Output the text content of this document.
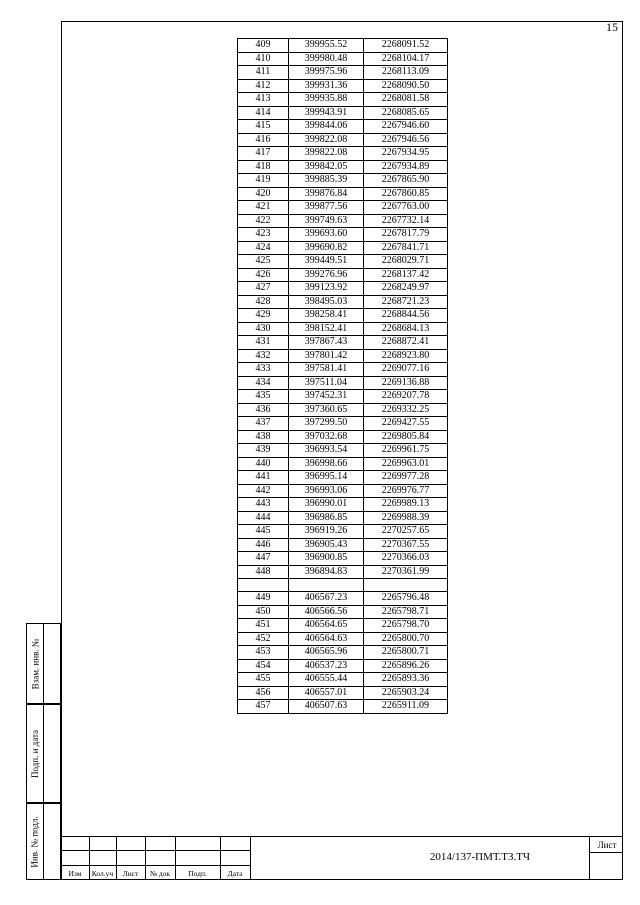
15
409	399955.52	2268091.52
410	399980.48	2268104.17
411	399975.96	2268113.09
412	399931.36	2268090.50
413	399935.88	2268081.58
414	399943.91	2268085.65
415	399844.06	2267946.60
416	399822.08	2267946.56
417	399822.08	2267934.95
418	399842.05	2267934.89
419	399885.39	2267865.90
420	399876.84	2267860.85
421	399877.56	2267763.00
422	399749.63	2267732.14
423	399693.60	2267817.79
424	399690.82	2267841.71
425	399449.51	2268029.71
426	399276.96	2268137.42
427	399123.92	2268249.97
428	398495.03	2268721.23
429	398258.41	2268844.56
430	398152.41	2268684.13
431	397867.43	2268872.41
432	397801.42	2268923.80
433	397581.41	2269077.16
434	397511.04	2269136.88
435	397452.31	2269207.78
436	397360.65	2269332.25
437	397299.50	2269427.55
438	397032.68	2269805.84
439	396993.54	2269961.75
440	396998.66	2269963.01
441	396995.14	2269977.28
442	396993.06	2269976.77
443	396990.01	2269989.13
444	396986.85	2269988.39
445	396919.26	2270257.65
446	396905.43	2270367.55
447	396900.85	2270366.03
448	396894.83	2270361.99

449	406567.23	2265796.48
450	406566.56	2265798.71
451	406564.65	2265798.70
452	406564.63	2265800.70
453	406565.96	2265800.71
454	406537.23	2265896.26
455	406555.44	2265893.36
456	406557.01	2265903.24
457	406507.63	2265911.09
Взам. инв. №
Подп. и дата
Инв. № подл.	2014/137-ПМТ.ТЗ.ТЧ
Лист
Изм	Кол.уч	Лист	№ док	Подп.	Дата
